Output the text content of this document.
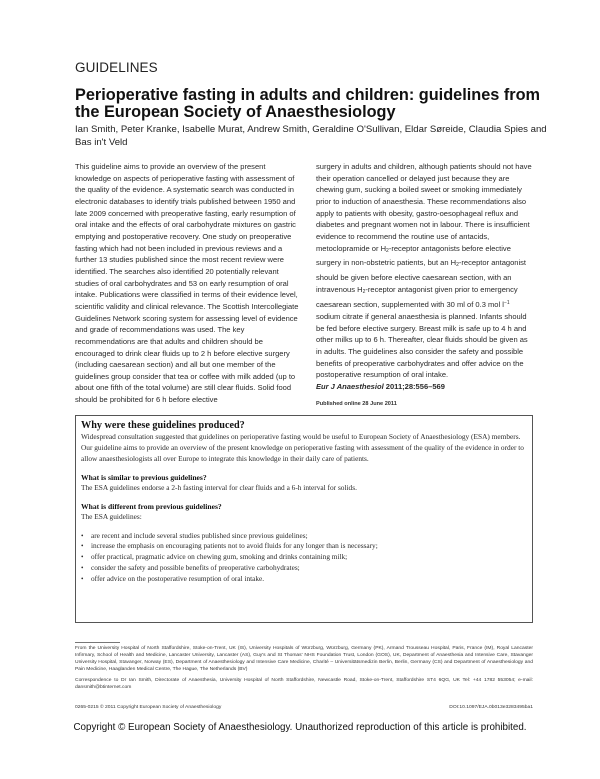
GUIDELINES
Perioperative fasting in adults and children: guidelines from the European Society of Anaesthesiology
Ian Smith, Peter Kranke, Isabelle Murat, Andrew Smith, Geraldine O'Sullivan, Eldar Søreide, Claudia Spies and Bas in't Veld

This guideline aims to provide an overview of the present knowledge on aspects of perioperative fasting with assessment of the quality of the evidence. A systematic search was conducted in electronic databases to identify trials published between 1950 and late 2009 concerned with preoperative fasting, early resumption of oral intake and the effects of oral carbohydrate mixtures on gastric emptying and postoperative recovery. One study on preoperative fasting which had not been included in previous reviews and a further 13 studies published since the most recent review were identified. The searches also identified 20 potentially relevant studies of oral carbohydrates and 53 on early resumption of oral intake. Publications were classified in terms of their evidence level, scientific validity and clinical relevance. The Scottish Intercollegiate Guidelines Network scoring system for assessing level of evidence and grade of recommendations was used. The key recommendations are that adults and children should be encouraged to drink clear fluids up to 2 h before elective surgery (including caesarean section) and all but one member of the guidelines group consider that tea or coffee with milk added (up to about one fifth of the total volume) are still clear fluids. Solid food should be prohibited for 6 h before elective

surgery in adults and children, although patients should not have their operation cancelled or delayed just because they are chewing gum, sucking a boiled sweet or smoking immediately prior to induction of anaesthesia. These recommendations also apply to patients with obesity, gastro-oesophageal reflux and diabetes and pregnant women not in labour. There is insufficient evidence to recommend the routine use of antacids, metoclopramide or $H_2$-receptor antagonists before elective surgery in non-obstetric patients, but an $H_2$-receptor antagonist should be given before elective caesarean section, with an intravenous $H_2$-receptor antagonist given prior to emergency caesarean section, supplemented with 30 ml of 0.3 mol $l^{-1}$ sodium citrate if general anaesthesia is planned. Infants should be fed before elective surgery. Breast milk is safe up to 4 h and other milks up to 6 h. Thereafter, clear fluids should be given as in adults. The guidelines also consider the safety and possible benefits of preoperative carbohydrates and offer advice on the postoperative resumption of oral intake.

Eur J Anaesthesiol 2011;28:556–569

Published online 28 June 2011
Why were these guidelines produced?

Widespread consultation suggested that guidelines on perioperative fasting would be useful to European Society of Anaesthesiology (ESA) members.

Our guideline aims to provide an overview of the present knowledge on perioperative fasting with assessment of the quality of the evidence in order to allow anaesthesiologists all over Europe to integrate this knowledge in their daily care of patients.

What is similar to previous guidelines?

The ESA guidelines endorse a 2-h fasting interval for clear fluids and a 6-h interval for solids.

What is different from previous guidelines?

The ESA guidelines:

• are recent and include several studies published since previous guidelines;
• increase the emphasis on encouraging patients not to avoid fluids for any longer than is necessary;
• offer practical, pragmatic advice on chewing gum, smoking and drinks containing milk;
• consider the safety and possible benefits of preoperative carbohydrates;
• offer advice on the postoperative resumption of oral intake.

From the University Hospital of North Staffordshire, Stoke-on-Trent, UK (IS), University Hospitals of Würzburg, Würzburg, Germany (PK), Armand Trousseau Hospital, Paris, France (IM), Royal Lancaster Infirmary, School of Health and Medicine, Lancaster University, Lancaster (AS), Guy's and St Thomas' NHS Foundation Trust, London (GOS), UK, Department of Anaesthesia and Intensive Care, Stavanger University Hospital, Stavanger, Norway (ES), Department of Anaesthesiology and Intensive Care Medicine, Charité – Universitätsmedizin Berlin, Berlin, Germany (CS) and Department of Anaesthesiology and Pain Medicine, Haaglanden Medical Centre, The Hague, The Netherlands (BV)

Correspondence to Dr Ian Smith, Directorate of Anaesthesia, University Hospital of North Staffordshire, Newcastle Road, Stoke-on-Trent, Staffordshire ST4 6QG, UK Tel: +44 1782 553054; e-mail: dansmith@btinternet.com

0265-0215 © 2011 Copyright European Society of Anaesthesiology	DOI:10.1097/EJA.0b013e3283495ba1
Copyright © European Society of Anaesthesiology. Unauthorized reproduction of this article is prohibited.
